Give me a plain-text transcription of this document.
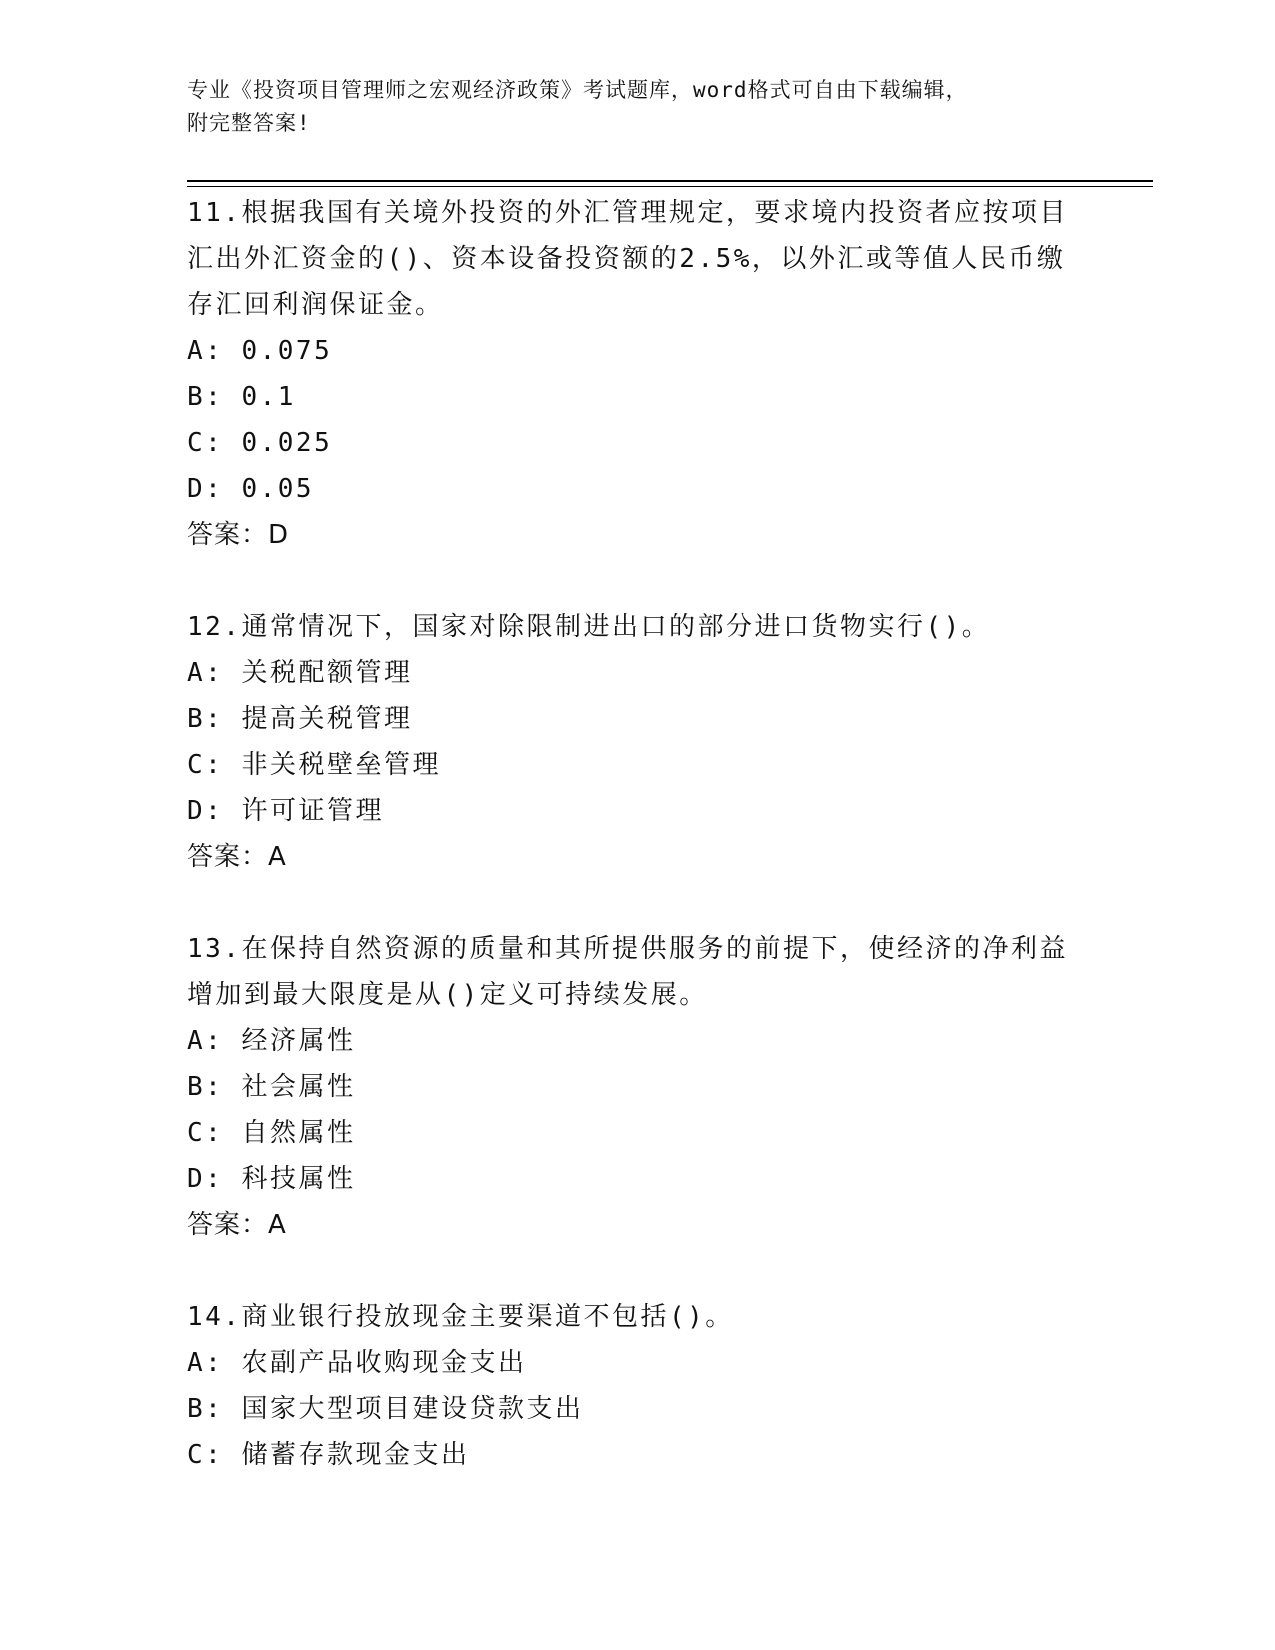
专业《投资项目管理师之宏观经济政策》考试题库，word格式可自由下载编辑，
附完整答案!

11.根据我国有关境外投资的外汇管理规定，要求境内投资者应按项目汇出外汇资金的()、资本设备投资额的2.5%，以外汇或等值人民币缴存汇回利润保证金。

A: 0.075

B: 0.1

C: 0.025

D: 0.05

答案：D

12.通常情况下，国家对除限制进出口的部分进口货物实行()。

A: 关税配额管理

B: 提高关税管理

C: 非关税壁垒管理

D: 许可证管理

答案：A

13.在保持自然资源的质量和其所提供服务的前提下，使经济的净利益增加到最大限度是从()定义可持续发展。

A: 经济属性

B: 社会属性

C: 自然属性

D: 科技属性

答案：A

14.商业银行投放现金主要渠道不包括()。

A: 农副产品收购现金支出

B: 国家大型项目建设贷款支出

C: 储蓄存款现金支出
